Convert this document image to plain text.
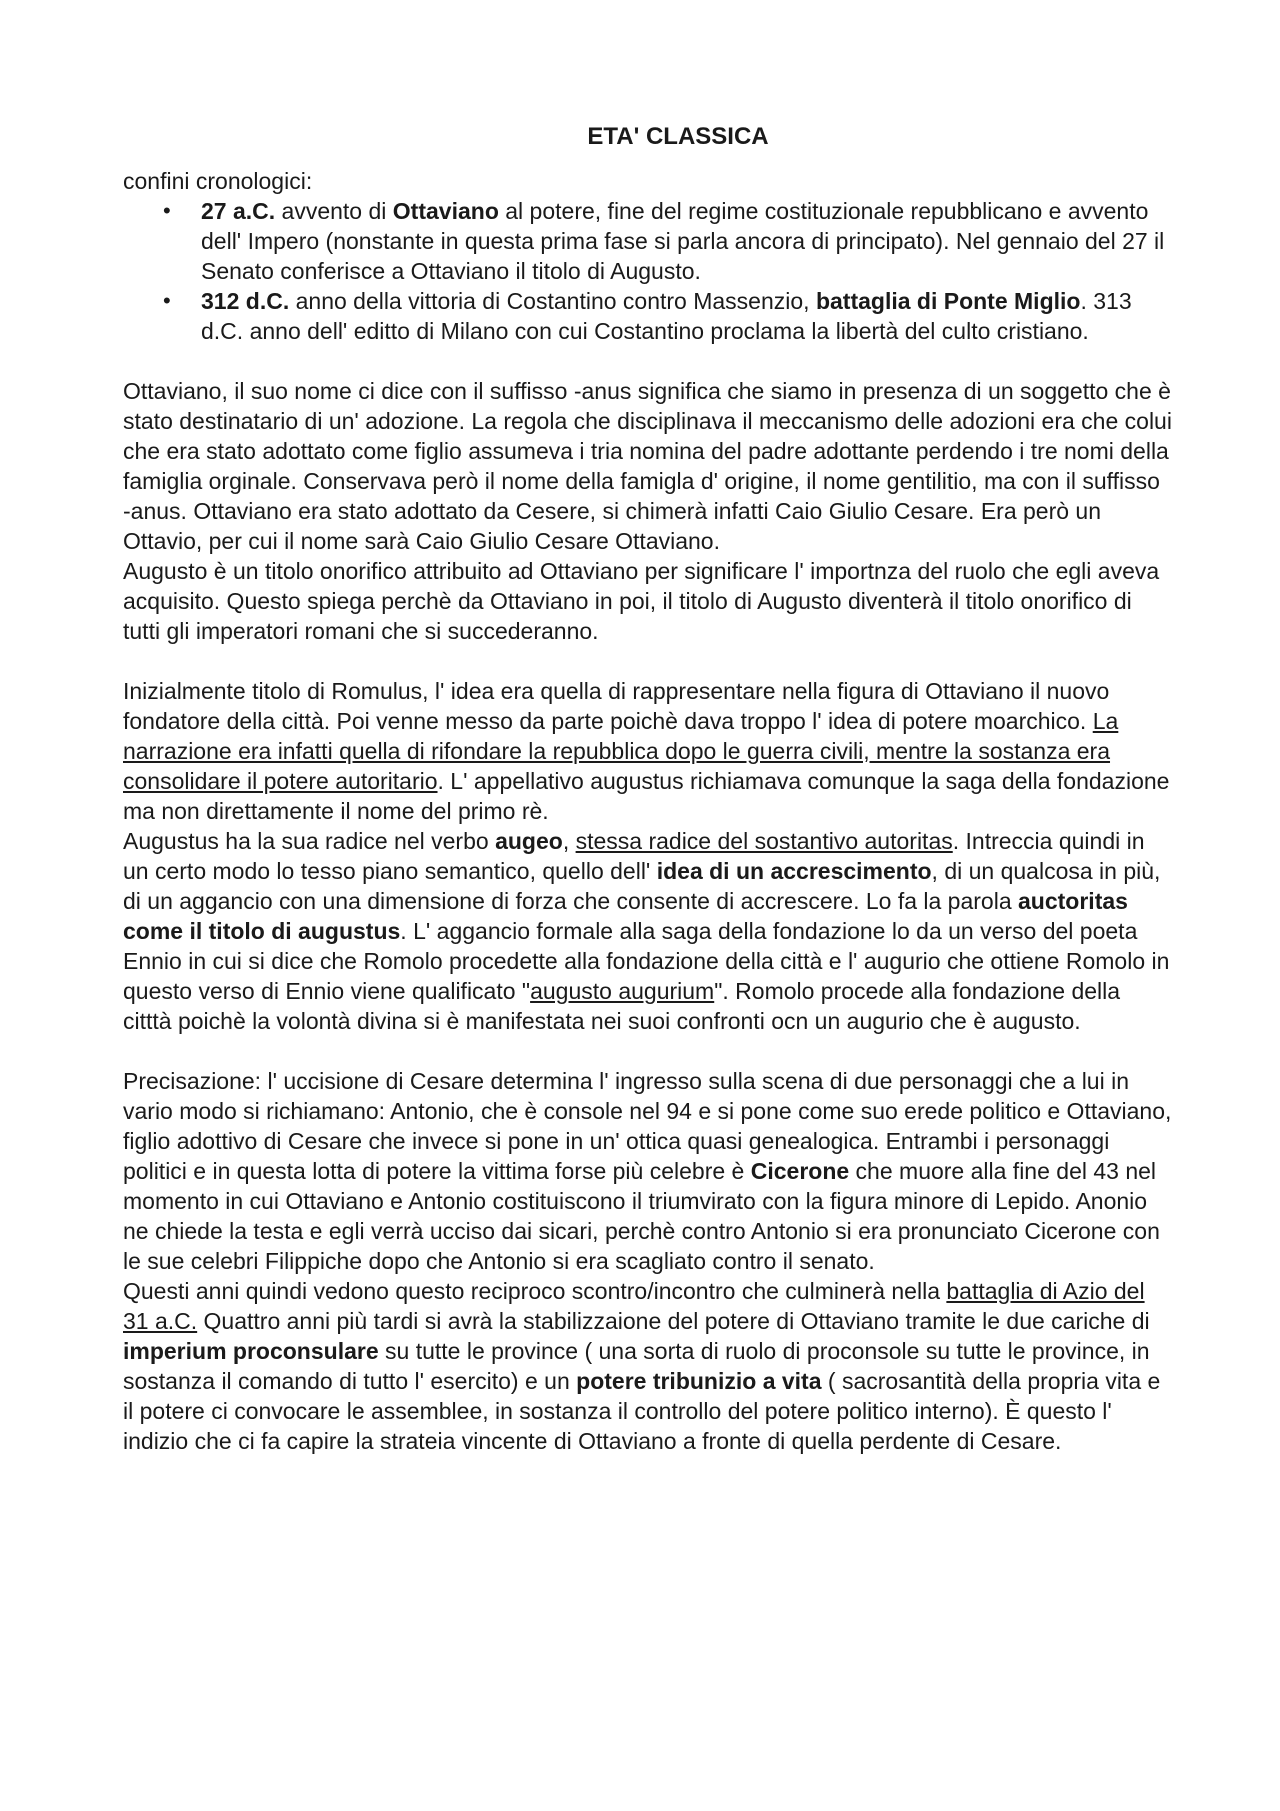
ETA' CLASSICA

confini cronologici:

• 27 a.C. avvento di Ottaviano al potere, fine del regime costituzionale repubblicano e avvento dell' Impero (nonstante in questa prima fase si parla ancora di principato). Nel gennaio del 27 il Senato conferisce a Ottaviano il titolo di Augusto.
• 312 d.C. anno della vittoria di Costantino contro Massenzio, battaglia di Ponte Miglio. 313 d.C. anno dell' editto di Milano con cui Costantino proclama la libertà del culto cristiano.

Ottaviano, il suo nome ci dice con il suffisso -anus significa che siamo in presenza di un soggetto che è stato destinatario di un' adozione. La regola che disciplinava il meccanismo delle adozioni era che colui che era stato adottato come figlio assumeva i tria nomina del padre adottante perdendo i tre nomi della famiglia orginale. Conservava però il nome della famigla d' origine, il nome gentilitio, ma con il suffisso -anus. Ottaviano era stato adottato da Cesere, si chimerà infatti Caio Giulio Cesare. Era però un Ottavio, per cui il nome sarà Caio Giulio Cesare Ottaviano.

Augusto è un titolo onorifico attribuito ad Ottaviano per significare l' importnza del ruolo che egli aveva acquisito. Questo spiega perchè da Ottaviano in poi, il titolo di Augusto diventerà il titolo onorifico di tutti gli imperatori romani che si succederanno.

Inizialmente titolo di Romulus, l' idea era quella di rappresentare nella figura di Ottaviano il nuovo fondatore della città. Poi venne messo da parte poichè dava troppo l' idea di potere moarchico. La narrazione era infatti quella di rifondare la repubblica dopo le guerra civili, mentre la sostanza era consolidare il potere autoritario. L' appellativo augustus richiamava comunque la saga della fondazione ma non direttamente il nome del primo rè.

Augustus ha la sua radice nel verbo augeo, stessa radice del sostantivo autoritas. Intreccia quindi in un certo modo lo tesso piano semantico, quello dell' idea di un accrescimento, di un qualcosa in più, di un aggancio con una dimensione di forza che consente di accrescere. Lo fa la parola auctoritas come il titolo di augustus. L' aggancio formale alla saga della fondazione lo da un verso del poeta Ennio in cui si dice che Romolo procedette alla fondazione della città e l' augurio che ottiene Romolo in questo verso di Ennio viene qualificato "augusto augurium". Romolo procede alla fondazione della citttà poichè la volontà divina si è manifestata nei suoi confronti ocn un augurio che è augusto.

Precisazione: l' uccisione di Cesare determina l' ingresso sulla scena di due personaggi che a lui in vario modo si richiamano: Antonio, che è console nel 94 e si pone come suo erede politico e Ottaviano, figlio adottivo di Cesare che invece si pone in un' ottica quasi genealogica. Entrambi i personaggi politici e in questa lotta di potere la vittima forse più celebre è Cicerone che muore alla fine del 43 nel momento in cui Ottaviano e Antonio costituiscono il triumvirato con la figura minore di Lepido. Anonio ne chiede la testa e egli verrà ucciso dai sicari, perchè contro Antonio si era pronunciato Cicerone con le sue celebri Filippiche dopo che Antonio si era scagliato contro il senato.

Questi anni quindi vedono questo reciproco scontro/incontro che culminerà nella battaglia di Azio del 31 a.C. Quattro anni più tardi si avrà la stabilizzaione del potere di Ottaviano tramite le due cariche di imperium proconsulare su tutte le province ( una sorta di ruolo di proconsole su tutte le province, in sostanza il comando di tutto l' esercito) e un potere tribunizio a vita ( sacrosantità della propria vita e il potere ci convocare le assemblee, in sostanza il controllo del potere politico interno). È questo l' indizio che ci fa capire la strateia vincente di Ottaviano a fronte di quella perdente di Cesare.
